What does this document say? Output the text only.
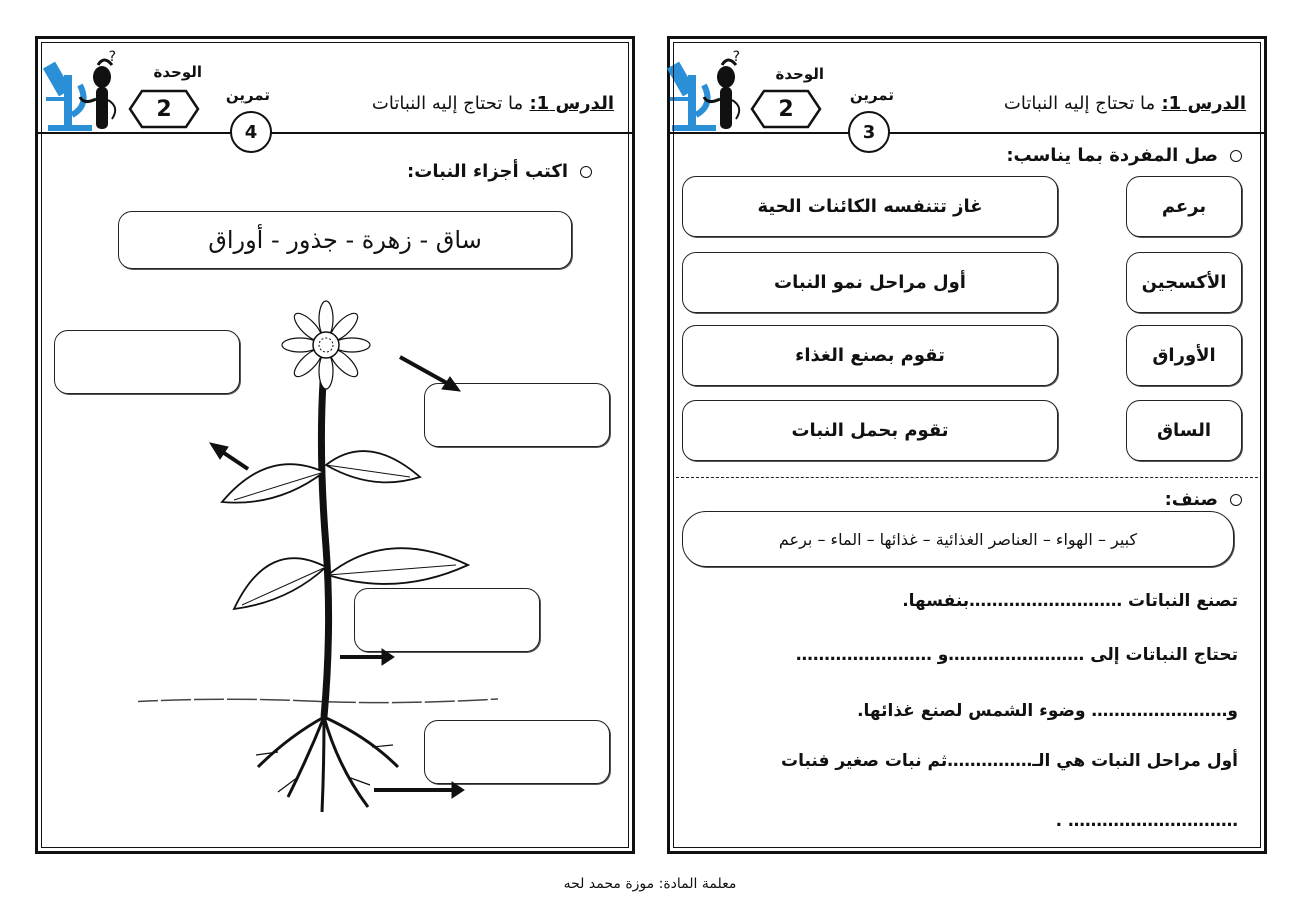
الدرس 1: ما تحتاج إليه النباتات
تمرين
3
الوحدة
2
?
صل المفردة بما يناسب:
برعم
الأكسجين
الأوراق
الساق
غاز تتنفسه الكائنات الحية
أول مراحل نمو النبات
تقوم بصنع الغذاء
تقوم بحمل النبات
صنف:
كبير – الهواء – العناصر الغذائية – غذائها – الماء – برعم
تصنع النباتات ………………………بنفسها.
تحتاج النباتات إلى ……………………و ……………………
و…………………… وضوء الشمس لصنع غذائها.
أول مراحل النبات هي الـ……………ثم نبات صغير فنبات
………………………… .
الدرس 1: ما تحتاج إليه النباتات
تمرين
4
الوحدة
2
?
اكتب أجزاء النبات:
ساق - زهرة - جذور - أوراق
معلمة المادة: موزة محمد لحه
